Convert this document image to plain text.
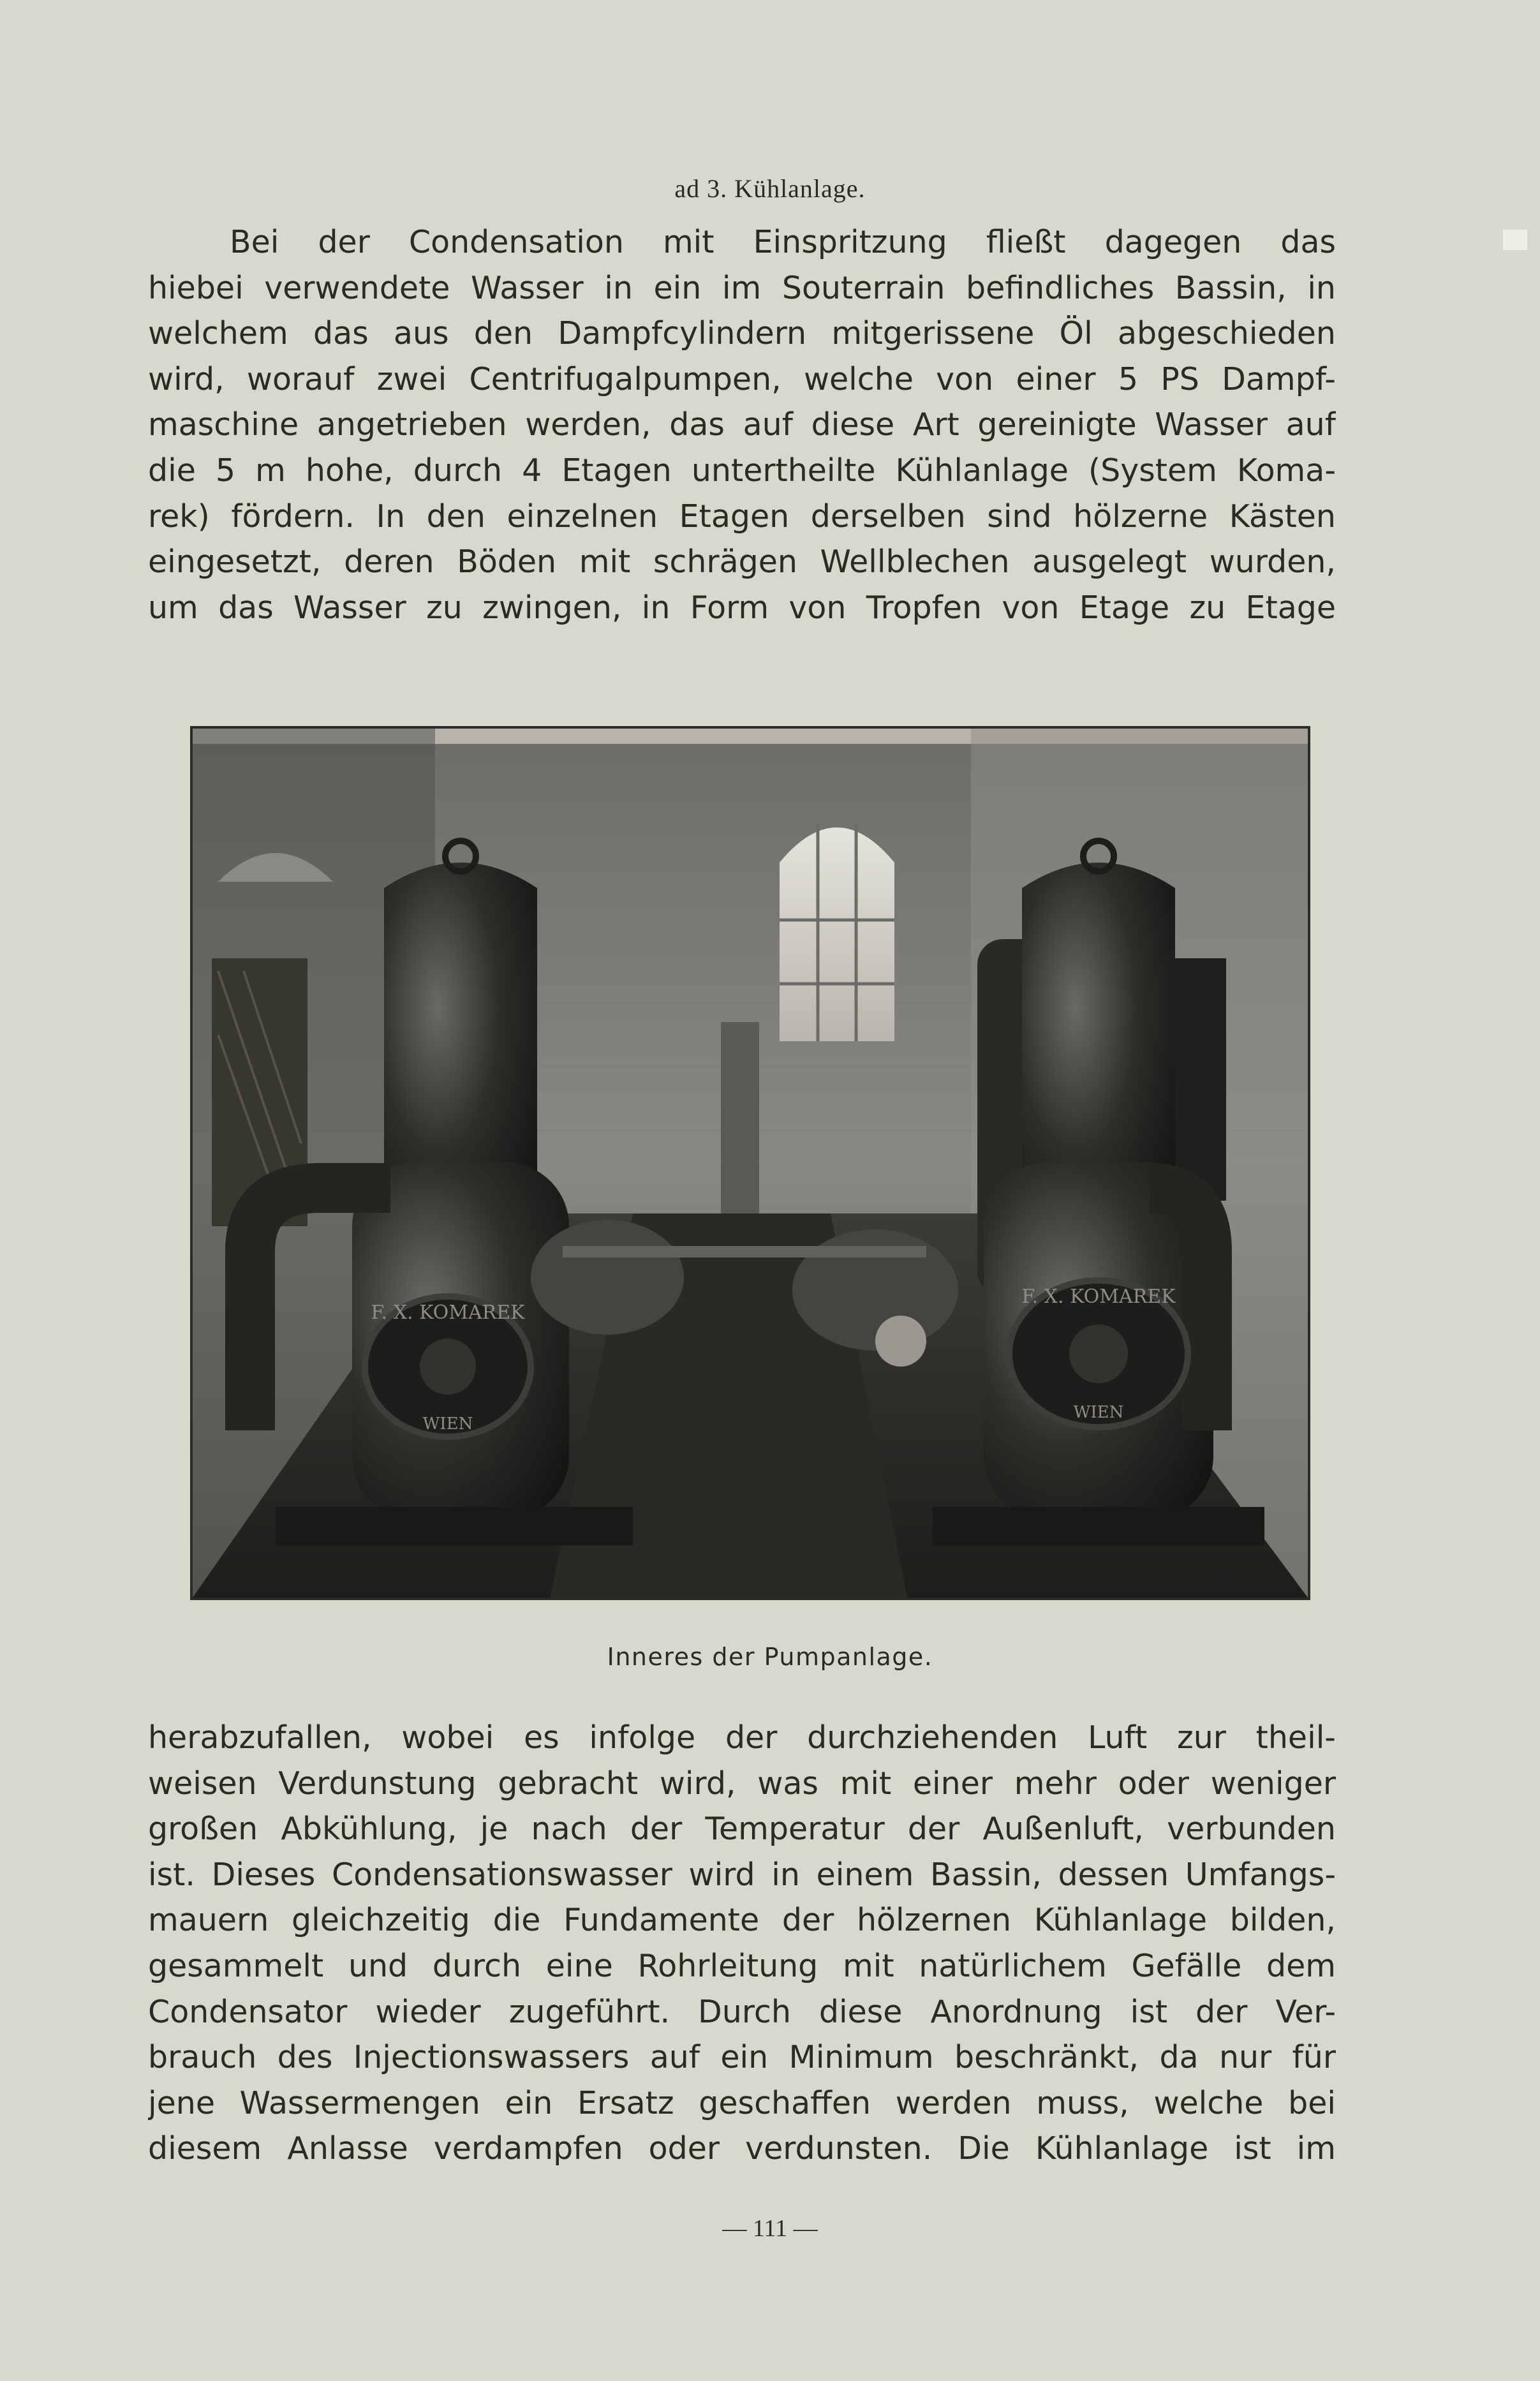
ad 3. Kühlanlage.
Bei der Condensation mit Einspritzung fließt dagegen das
hiebei verwendete Wasser in ein im Souterrain befindliches Bassin, in
welchem das aus den Dampfcylindern mitgerissene Öl abgeschieden
wird, worauf zwei Centrifugalpumpen, welche von einer 5 PS Dampf-
maschine angetrieben werden, das auf diese Art gereinigte Wasser auf
die 5 m hohe, durch 4 Etagen untertheilte Kühlanlage (System Koma-
rek) fördern. In den einzelnen Etagen derselben sind hölzerne Kästen
eingesetzt, deren Böden mit schrägen Wellblechen ausgelegt wurden,
um das Wasser zu zwingen, in Form von Tropfen von Etage zu Etage
F. X. KOMAREK
WIEN
F. X. KOMAREK
WIEN
Inneres der Pumpanlage.
herabzufallen, wobei es infolge der durchziehenden Luft zur theil-
weisen Verdunstung gebracht wird, was mit einer mehr oder weniger
großen Abkühlung, je nach der Temperatur der Außenluft, verbunden
ist. Dieses Condensationswasser wird in einem Bassin, dessen Umfangs-
mauern gleichzeitig die Fundamente der hölzernen Kühlanlage bilden,
gesammelt und durch eine Rohrleitung mit natürlichem Gefälle dem
Condensator wieder zugeführt. Durch diese Anordnung ist der Ver-
brauch des Injectionswassers auf ein Minimum beschränkt, da nur für
jene Wassermengen ein Ersatz geschaffen werden muss, welche bei
diesem Anlasse verdampfen oder verdunsten. Die Kühlanlage ist im
— 111 —
